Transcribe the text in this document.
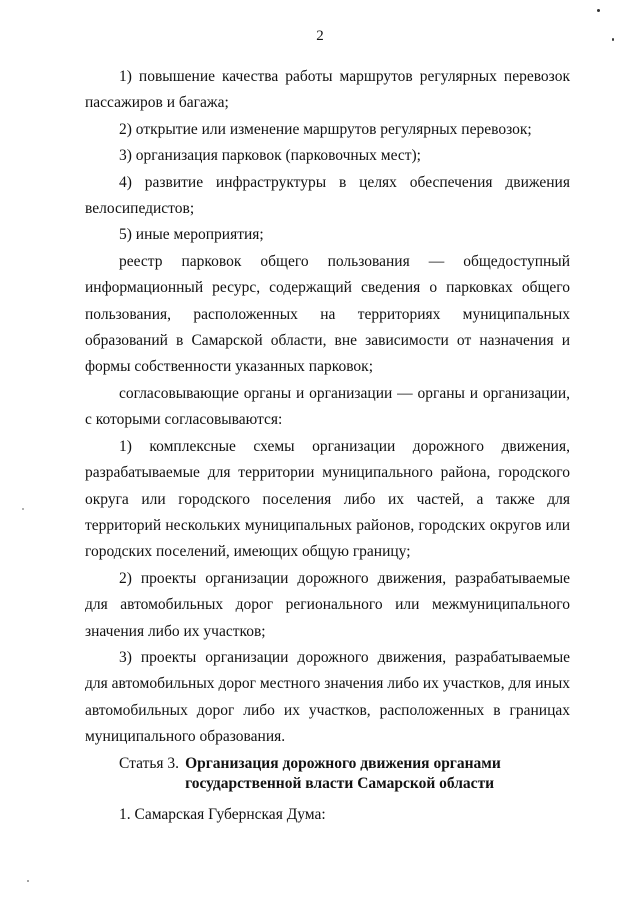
2

1) повышение качества работы маршрутов регулярных перевозок пассажиров и багажа;

2) открытие или изменение маршрутов регулярных перевозок;

3) организация парковок (парковочных мест);

4) развитие инфраструктуры в целях обеспечения движения велосипедистов;

5) иные мероприятия;

реестр парковок общего пользования — общедоступный информационный ресурс, содержащий сведения о парковках общего пользования, расположенных на территориях муниципальных образований в Самарской области, вне зависимости от назначения и формы собственности указанных парковок;

согласовывающие органы и организации — органы и организации, с которыми согласовываются:

1) комплексные схемы организации дорожного движения, разрабатываемые для территории муниципального района, городского округа или городского поселения либо их частей, а также для территорий нескольких муниципальных районов, городских округов или городских поселений, имеющих общую границу;

2) проекты организации дорожного движения, разрабатываемые для автомобильных дорог регионального или межмуниципального значения либо их участков;

3) проекты организации дорожного движения, разрабатываемые для автомобильных дорог местного значения либо их участков, для иных автомобильных дорог либо их участков, расположенных в границах муниципального образования.

Статья 3. Организация дорожного движения органами
государственной власти Самарской области

1. Самарская Губернская Дума:
